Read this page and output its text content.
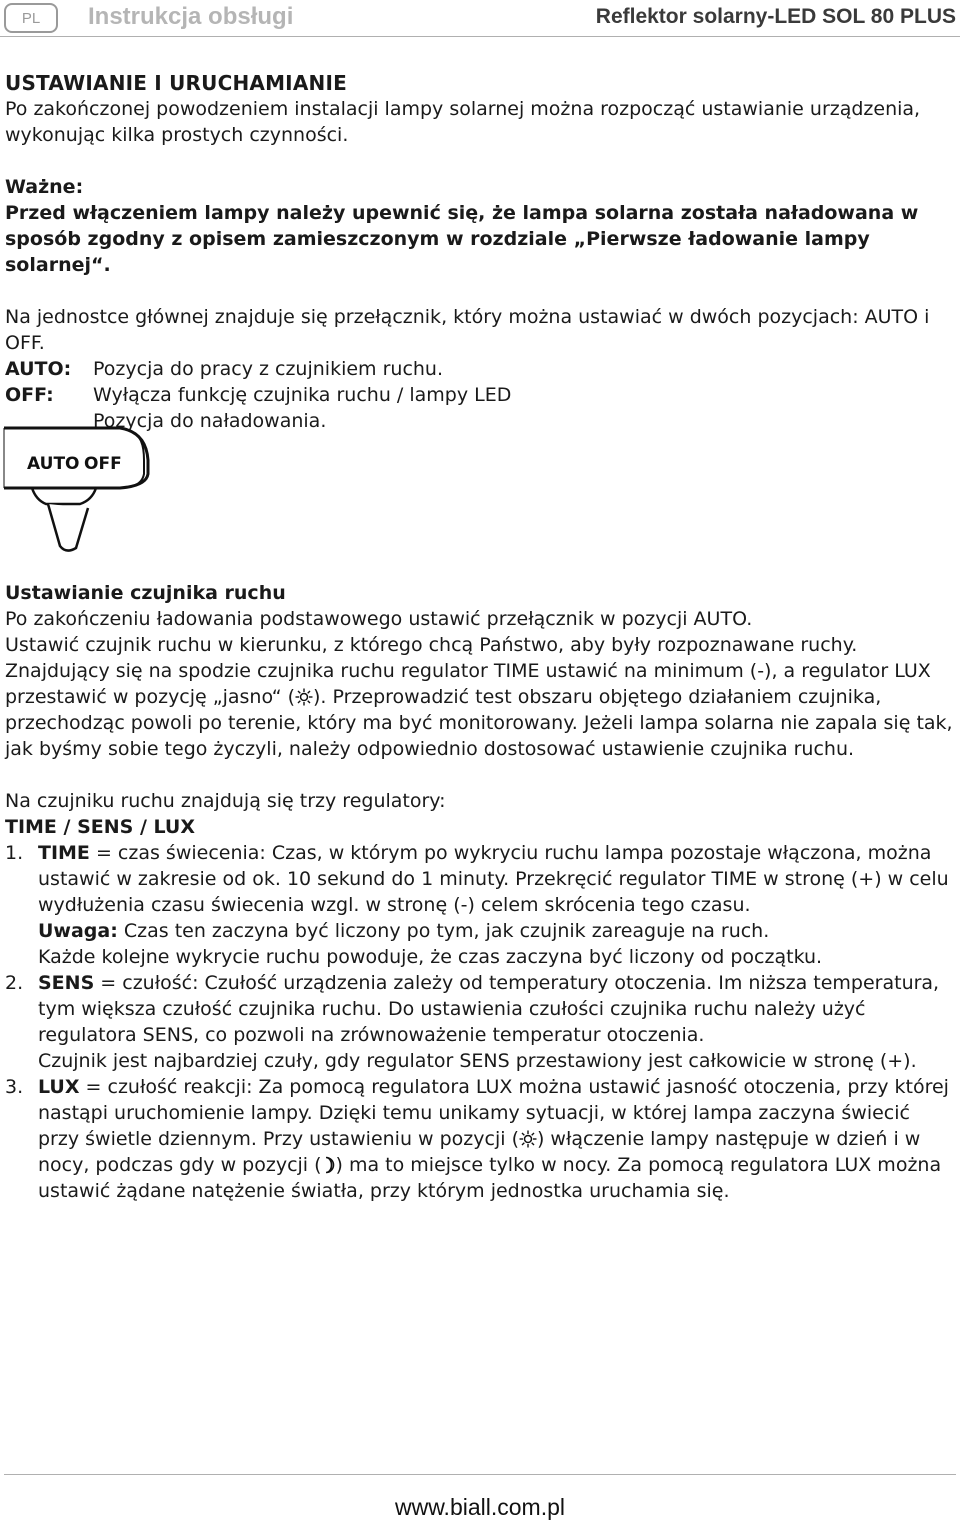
PL	Instrukcja obsługi	Reflektor solarny-LED SOL 80 PLUS

USTAWIANIE I URUCHAMIANIE

Po zakończonej powodzeniem instalacji lampy solarnej można rozpocząć ustawianie urządzenia, wykonując kilka prostych czynności.

Ważne:

Przed włączeniem lampy należy upewnić się, że lampa solarna została naładowana w sposób zgodny z opisem zamieszczonym w rozdziale „Pierwsze ładowanie lampy solarnej“.

Na jednostce głównej znajduje się przełącznik, który można ustawiać w dwóch pozycjach: AUTO i OFF.

AUTO:	Pozycja do pracy z czujnikiem ruchu.
OFF:	Wyłącza funkcję czujnika ruchu / lampy LED
Pozycja do naładowania.
AUTO OFF

Ustawianie czujnika ruchu

Po zakończeniu ładowania podstawowego ustawić przełącznik w pozycji AUTO.

Ustawić czujnik ruchu w kierunku, z którego chcą Państwo, aby były rozpoznawane ruchy.

Znajdujący się na spodzie czujnika ruchu regulator TIME ustawić na minimum (-), a regulator LUX przestawić w pozycję „jasno“ ( ). Przeprowadzić test obszaru objętego działaniem czujnika, przechodząc powoli po terenie, który ma być monitorowany. Jeżeli lampa solarna nie zapala się tak, jak byśmy sobie tego życzyli, należy odpowiednio dostosować ustawienie czujnika ruchu.

Na czujniku ruchu znajdują się trzy regulatory:

TIME / SENS / LUX

1. TIME = czas świecenia: Czas, w którym po wykryciu ruchu lampa pozostaje włączona, można ustawić w zakresie od ok. 10 sekund do 1 minuty. Przekręcić regulator TIME w stronę (+) w celu wydłużenia czasu świecenia wzgl. w stronę (-) celem skrócenia tego czasu.

Uwaga: Czas ten zaczyna być liczony po tym, jak czujnik zareaguje na ruch.

Każde kolejne wykrycie ruchu powoduje, że czas zaczyna być liczony od początku.

2. SENS = czułość: Czułość urządzenia zależy od temperatury otoczenia. Im niższa temperatura, tym większa czułość czujnika ruchu. Do ustawienia czułości czujnika ruchu należy użyć regulatora SENS, co pozwoli na zrównoważenie temperatur otoczenia.

Czujnik jest najbardziej czuły, gdy regulator SENS przestawiony jest całkowicie w stronę (+).

3. LUX = czułość reakcji: Za pomocą regulatora LUX można ustawić jasność otoczenia, przy której nastąpi uruchomienie lampy. Dzięki temu unikamy sytuacji, w której lampa zaczyna świecić przy świetle dziennym. Przy ustawieniu w pozycji ( ) włączenie lampy następuje w dzień i w nocy, podczas gdy w pozycji ( ) ma to miejsce tylko w nocy. Za pomocą regulatora LUX można ustawić żądane natężenie światła, przy którym jednostka uruchamia się.

www.biall.com.pl
